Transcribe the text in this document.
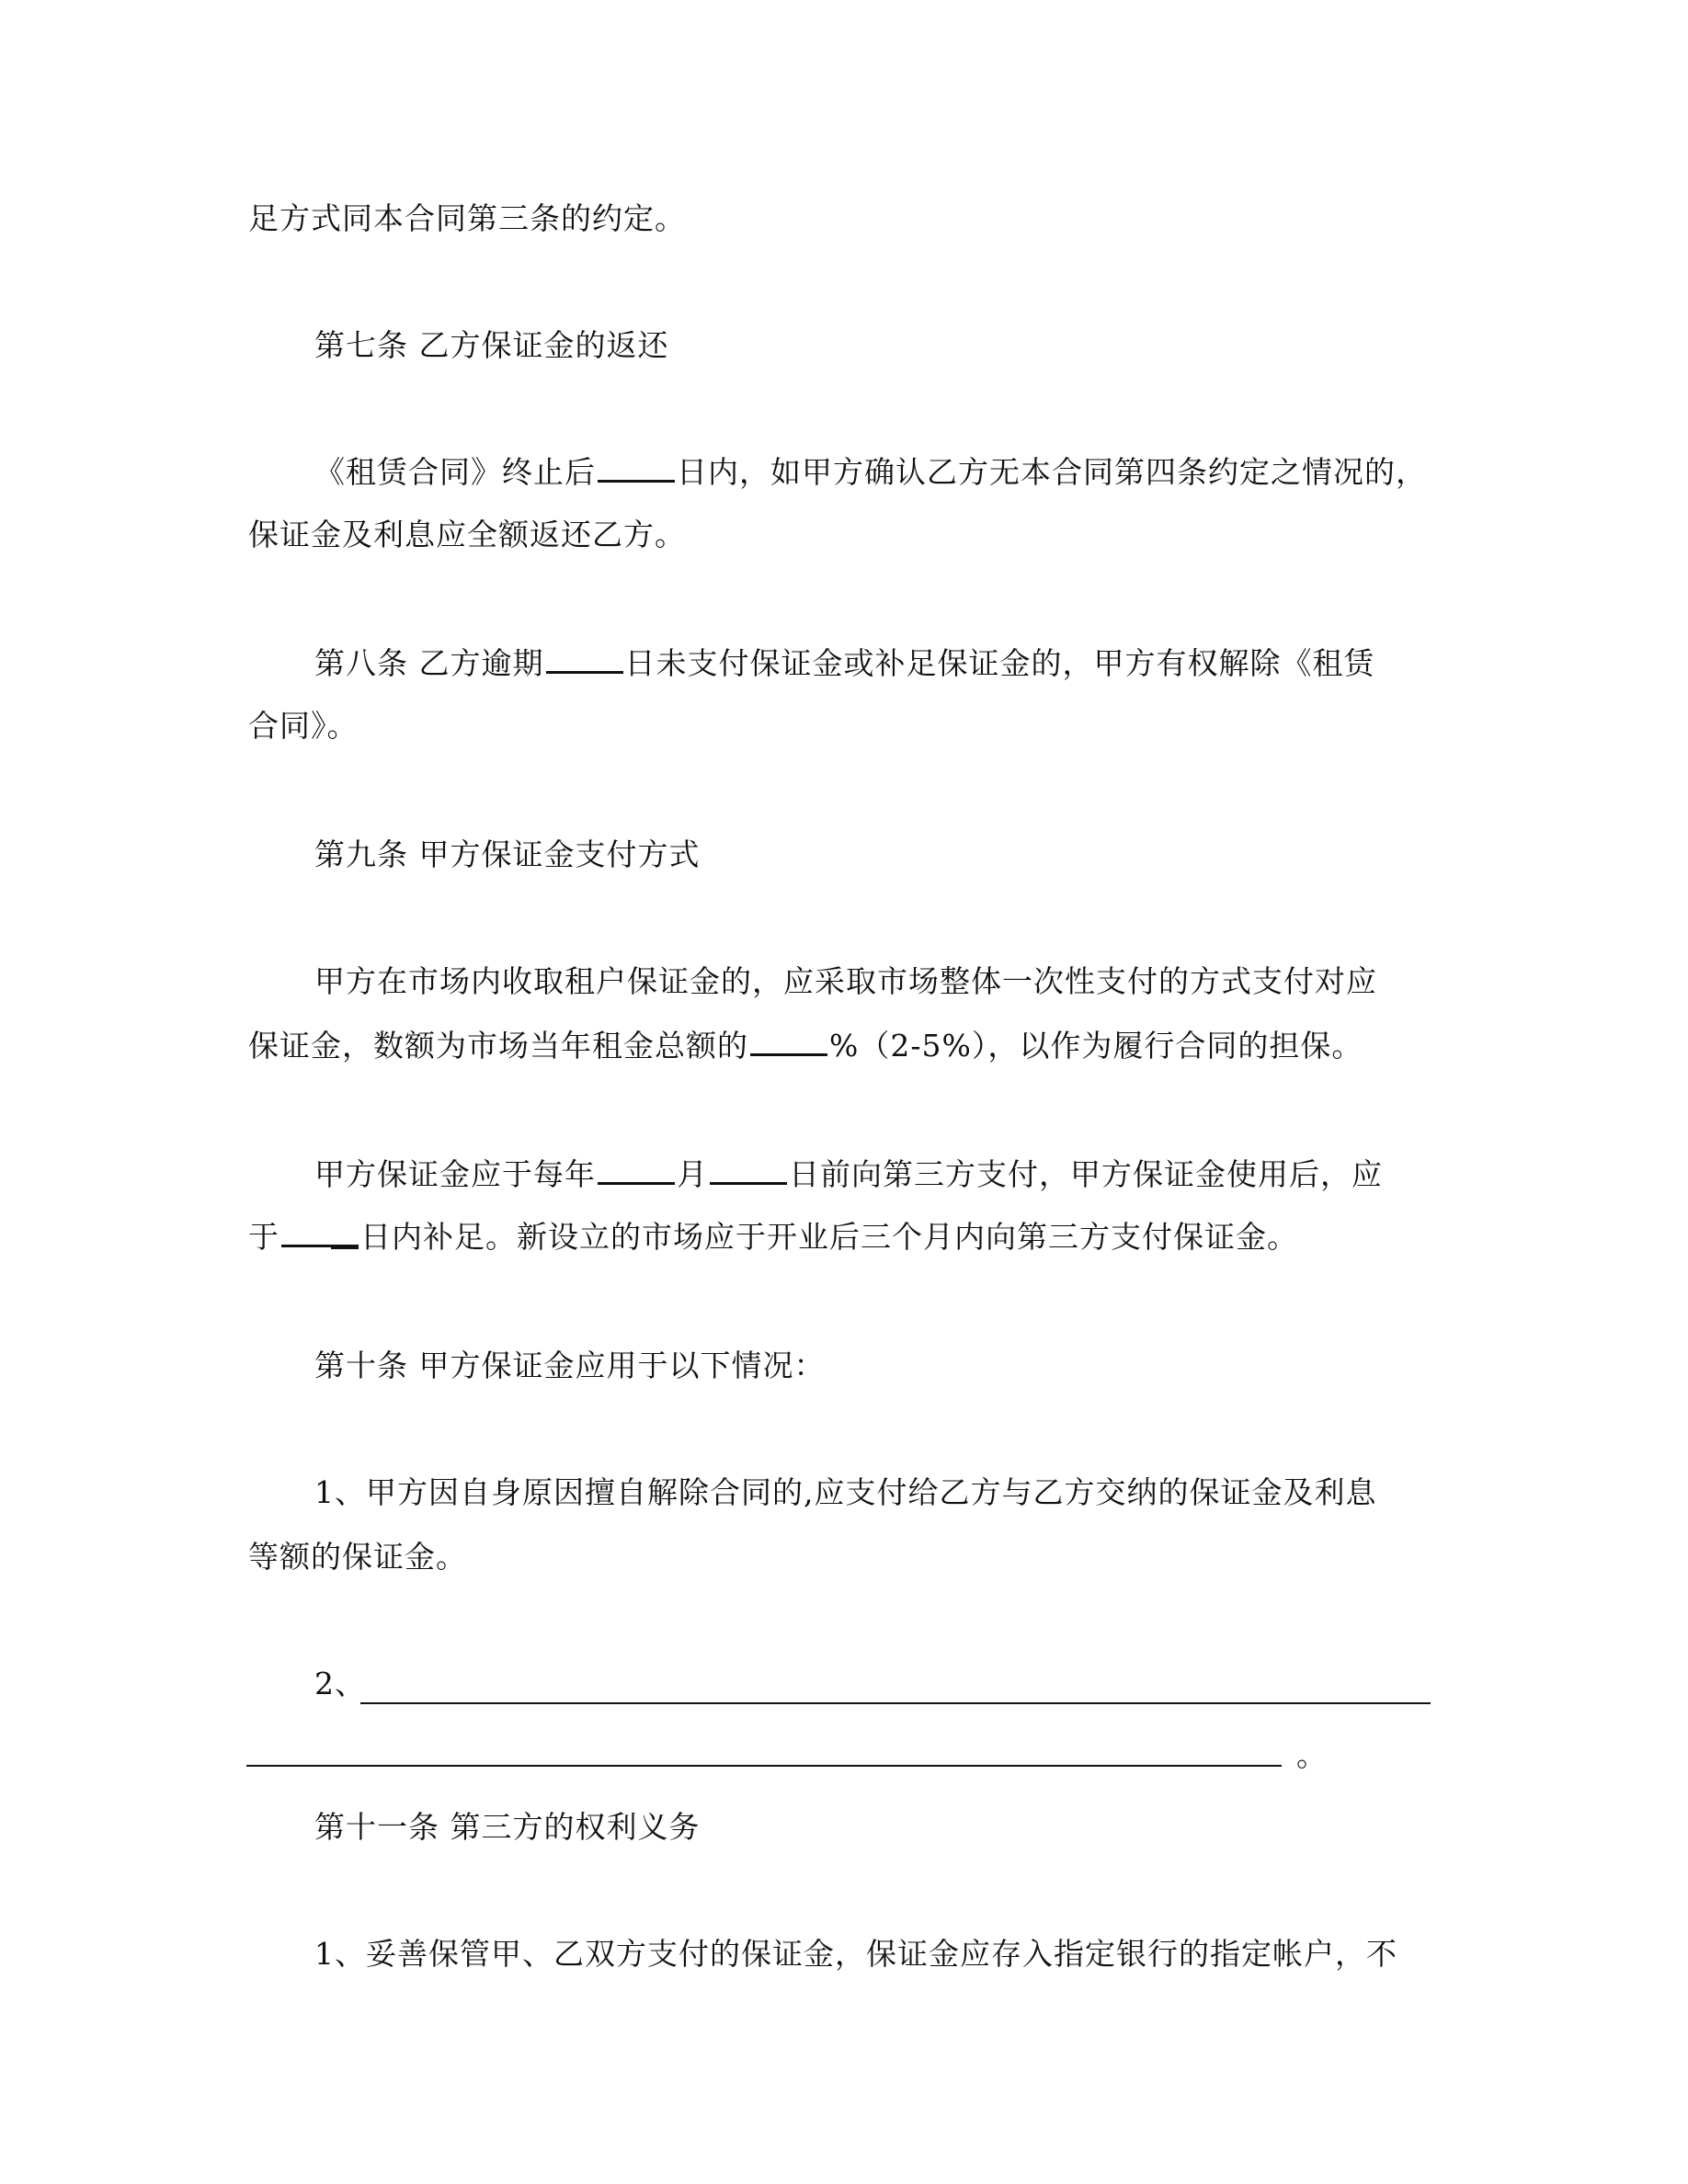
足方式同本合同第三条的约定。
第七条 乙方保证金的返还
《租赁合同》终止后	日内，如甲方确认乙方无本合同第四条约定之情况的，
保证金及利息应全额返还乙方。
第八条 乙方逾期	日未支付保证金或补足保证金的，甲方有权解除《租赁
合同》。
第九条 甲方保证金支付方式
甲方在市场内收取租户保证金的，应采取市场整体一次性支付的方式支付对应
保证金，数额为市场当年租金总额的	%（2-5%），以作为履行合同的担保。
甲方保证金应于每年	月	日前向第三方支付，甲方保证金使用后，应
于	日内补足。新设立的市场应于开业后三个月内向第三方支付保证金。
第十条 甲方保证金应用于以下情况：
1、甲方因自身原因擅自解除合同的,应支付给乙方与乙方交纳的保证金及利息
等额的保证金。
2、
。
第十一条 第三方的权利义务
1、妥善保管甲、乙双方支付的保证金，保证金应存入指定银行的指定帐户，不
